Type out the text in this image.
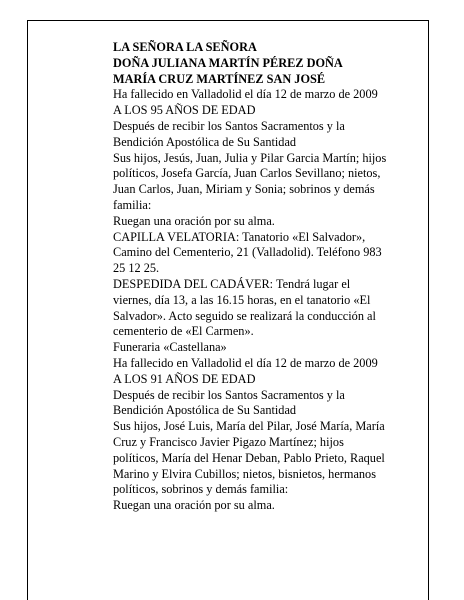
LA SEÑORA LA SEÑORA
DOÑA JULIANA MARTÍN PÉREZ DOÑA
MARÍA CRUZ MARTÍNEZ SAN JOSÉ
Ha fallecido en Valladolid el día 12 de marzo de 2009
A LOS 95 AÑOS DE EDAD
Después de recibir los Santos Sacramentos y la
Bendición Apostólica de Su Santidad
Sus hijos, Jesús, Juan, Julia y Pilar Garcia Martín; hijos
políticos, Josefa García, Juan Carlos Sevillano; nietos,
Juan Carlos, Juan, Miriam y Sonia; sobrinos y demás
familia:
Ruegan una oración por su alma.
CAPILLA VELATORIA: Tanatorio «El Salvador»,
Camino del Cementerio, 21 (Valladolid). Teléfono 983
25 12 25.
DESPEDIDA DEL CADÁVER: Tendrá lugar el
viernes, día 13, a las 16.15 horas, en el tanatorio «El
Salvador». Acto seguido se realizará la conducción al
cementerio de «El Carmen».
Funeraria «Castellana»
Ha fallecido en Valladolid el día 12 de marzo de 2009
A LOS 91 AÑOS DE EDAD
Después de recibir los Santos Sacramentos y la
Bendición Apostólica de Su Santidad
Sus hijos, José Luis, María del Pilar, José María, María
Cruz y Francisco Javier Pigazo Martínez; hijos
políticos, María del Henar Deban, Pablo Prieto, Raquel
Marino y Elvira Cubillos; nietos, bisnietos, hermanos
políticos, sobrinos y demás familia:
Ruegan una oración por su alma.
